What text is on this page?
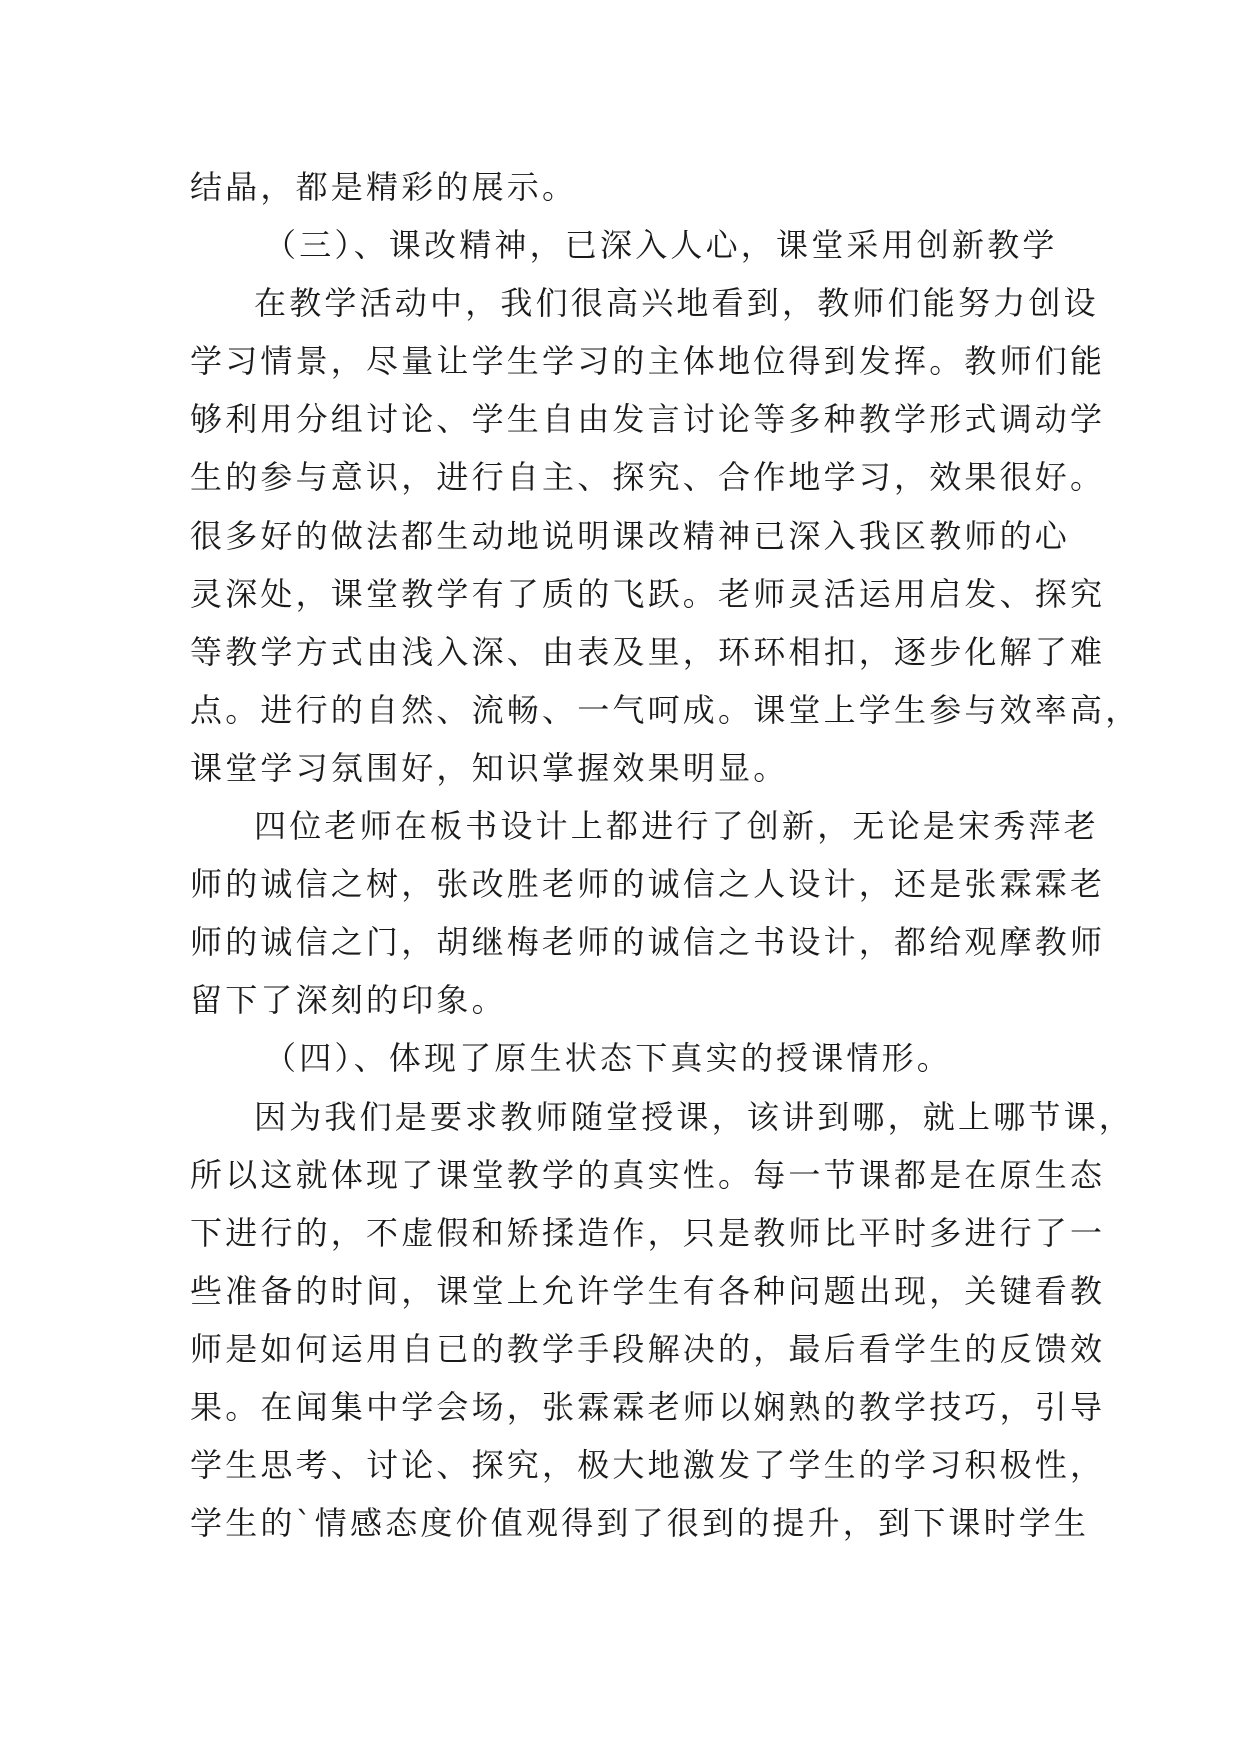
结晶，都是精彩的展示。
（三）、课改精神，已深入人心，课堂采用创新教学
在教学活动中，我们很高兴地看到，教师们能努力创设
学习情景，尽量让学生学习的主体地位得到发挥。教师们能
够利用分组讨论、学生自由发言讨论等多种教学形式调动学
生的参与意识，进行自主、探究、合作地学习，效果很好。
很多好的做法都生动地说明课改精神已深入我区教师的心
灵深处，课堂教学有了质的飞跃。老师灵活运用启发、探究
等教学方式由浅入深、由表及里，环环相扣，逐步化解了难
点。进行的自然、流畅、一气呵成。课堂上学生参与效率高，
课堂学习氛围好，知识掌握效果明显。
四位老师在板书设计上都进行了创新，无论是宋秀萍老
师的诚信之树，张改胜老师的诚信之人设计，还是张霖霖老
师的诚信之门，胡继梅老师的诚信之书设计，都给观摩教师
留下了深刻的印象。
（四）、体现了原生状态下真实的授课情形。
因为我们是要求教师随堂授课，该讲到哪，就上哪节课，
所以这就体现了课堂教学的真实性。每一节课都是在原生态
下进行的，不虚假和矫揉造作，只是教师比平时多进行了一
些准备的时间，课堂上允许学生有各种问题出现，关键看教
师是如何运用自已的教学手段解决的，最后看学生的反馈效
果。在闻集中学会场，张霖霖老师以娴熟的教学技巧，引导
学生思考、讨论、探究，极大地激发了学生的学习积极性，
学生的`情感态度价值观得到了很到的提升，到下课时学生
